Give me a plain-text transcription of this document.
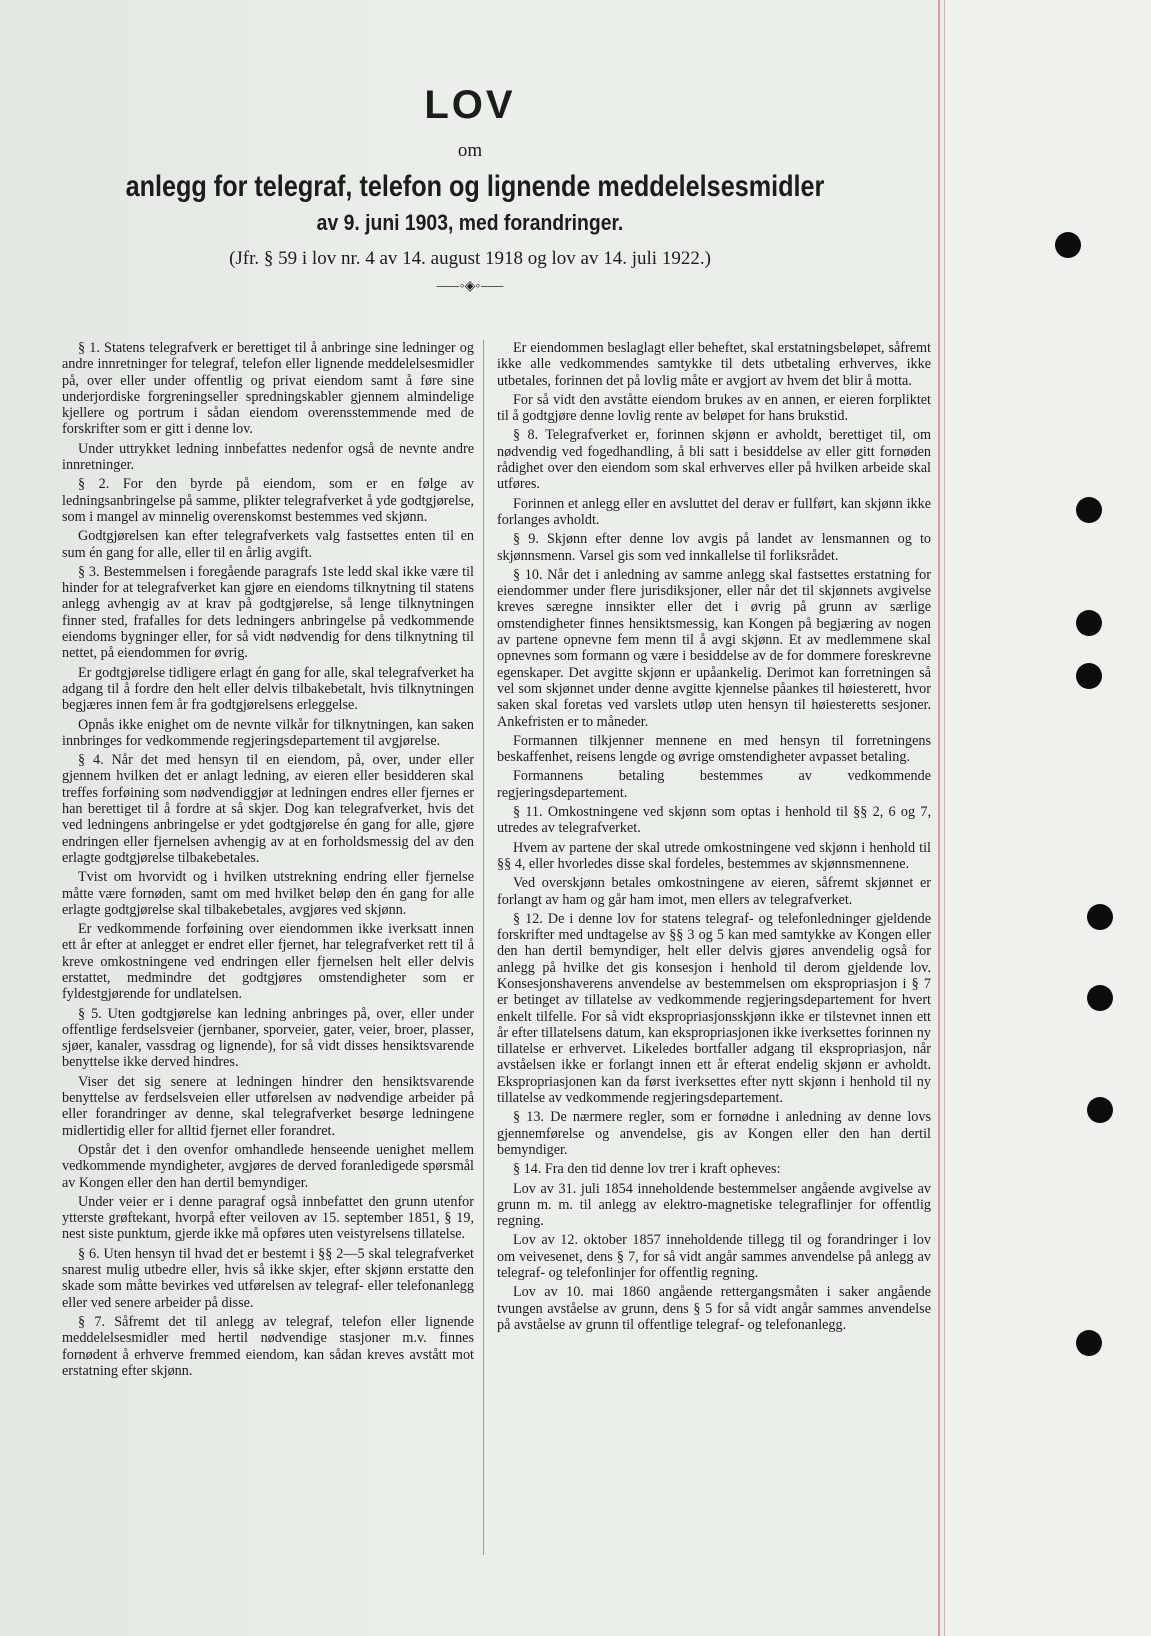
LOV
om
anlegg for telegraf, telefon og lignende meddelelsesmidler
av 9. juni 1903, med forandringer.
(Jfr. § 59 i lov nr. 4 av 14. august 1918 og lov av 14. juli 1922.)
⸺◦◈◦⸺

§ 1. Statens telegrafverk er berettiget til å anbringe sine ledninger og andre innretninger for telegraf, telefon eller lignende meddelelsesmidler på, over eller under offentlig og privat eiendom samt å føre sine underjordiske forgreningseller spredningskabler gjennem almindelige kjellere og portrum i sådan eiendom overensstemmende med de forskrifter som er gitt i denne lov.

Under uttrykket ledning innbefattes nedenfor også de nevnte andre innretninger.

§ 2. For den byrde på eiendom, som er en følge av ledningsanbringelse på samme, plikter telegrafverket å yde godtgjørelse, som i mangel av minnelig overenskomst bestemmes ved skjønn.

Godtgjørelsen kan efter telegrafverkets valg fastsettes enten til en sum én gang for alle, eller til en årlig avgift.

§ 3. Bestemmelsen i foregående paragrafs 1ste ledd skal ikke være til hinder for at telegrafverket kan gjøre en eiendoms tilknytning til statens anlegg avhengig av at krav på godtgjørelse, så lenge tilknytningen finner sted, frafalles for dets ledningers anbringelse på vedkommende eiendoms bygninger eller, for så vidt nødvendig for dens tilknytning til nettet, på eiendommen for øvrig.

Er godtgjørelse tidligere erlagt én gang for alle, skal telegrafverket ha adgang til å fordre den helt eller delvis tilbakebetalt, hvis tilknytningen begjæres innen fem år fra godtgjørelsens erleggelse.

Opnås ikke enighet om de nevnte vilkår for tilknytningen, kan saken innbringes for vedkommende regjeringsdepartement til avgjørelse.

§ 4. Når det med hensyn til en eiendom, på, over, under eller gjennem hvilken det er anlagt ledning, av eieren eller besidderen skal treffes forføining som nødvendiggjør at ledningen endres eller fjernes er han berettiget til å fordre at så skjer. Dog kan telegrafverket, hvis det ved ledningens anbringelse er ydet godtgjørelse én gang for alle, gjøre endringen eller fjernelsen avhengig av at en forholdsmessig del av den erlagte godtgjørelse tilbakebetales.

Tvist om hvorvidt og i hvilken utstrekning endring eller fjernelse måtte være fornøden, samt om med hvilket beløp den én gang for alle erlagte godtgjørelse skal tilbakebetales, avgjøres ved skjønn.

Er vedkommende forføining over eiendommen ikke iverksatt innen ett år efter at anlegget er endret eller fjernet, har telegrafverket rett til å kreve omkostningene ved endringen eller fjernelsen helt eller delvis erstattet, medmindre det godtgjøres omstendigheter som er fyldestgjørende for undlatelsen.

§ 5. Uten godtgjørelse kan ledning anbringes på, over, eller under offentlige ferdselsveier (jernbaner, sporveier, gater, veier, broer, plasser, sjøer, kanaler, vassdrag og lignende), for så vidt disses hensiktsvarende benyttelse ikke derved hindres.

Viser det sig senere at ledningen hindrer den hensiktsvarende benyttelse av ferdselsveien eller utførelsen av nødvendige arbeider på eller forandringer av denne, skal telegrafverket besørge ledningene midlertidig eller for alltid fjernet eller forandret.

Opstår det i den ovenfor omhandlede henseende uenighet mellem vedkommende myndigheter, avgjøres de derved foranledigede spørsmål av Kongen eller den han dertil bemyndiger.

Under veier er i denne paragraf også innbefattet den grunn utenfor ytterste grøftekant, hvorpå efter veiloven av 15. september 1851, § 19, nest siste punktum, gjerde ikke må opføres uten veistyrelsens tillatelse.

§ 6. Uten hensyn til hvad det er bestemt i §§ 2—5 skal telegrafverket snarest mulig utbedre eller, hvis så ikke skjer, efter skjønn erstatte den skade som måtte bevirkes ved utførelsen av telegraf- eller telefonanlegg eller ved senere arbeider på disse.

§ 7. Såfremt det til anlegg av telegraf, telefon eller lignende meddelelsesmidler med hertil nødvendige stasjoner m.v. finnes fornødent å erhverve fremmed eiendom, kan sådan kreves avstått mot erstatning efter skjønn.

Er eiendommen beslaglagt eller beheftet, skal erstatningsbeløpet, såfremt ikke alle vedkommendes samtykke til dets utbetaling erhverves, ikke utbetales, forinnen det på lovlig måte er avgjort av hvem det blir å motta.

For så vidt den avståtte eiendom brukes av en annen, er eieren forpliktet til å godtgjøre denne lovlig rente av beløpet for hans brukstid.

§ 8. Telegrafverket er, forinnen skjønn er avholdt, berettiget til, om nødvendig ved fogedhandling, å bli satt i besiddelse av eller gitt fornøden rådighet over den eiendom som skal erhverves eller på hvilken arbeide skal utføres.

Forinnen et anlegg eller en avsluttet del derav er fullført, kan skjønn ikke forlanges avholdt.

§ 9. Skjønn efter denne lov avgis på landet av lensmannen og to skjønnsmenn. Varsel gis som ved innkallelse til forliksrådet.

§ 10. Når det i anledning av samme anlegg skal fastsettes erstatning for eiendommer under flere jurisdiksjoner, eller når det til skjønnets avgivelse kreves særegne innsikter eller det i øvrig på grunn av særlige omstendigheter finnes hensiktsmessig, kan Kongen på begjæring av nogen av partene opnevne fem menn til å avgi skjønn. Et av medlemmene skal opnevnes som formann og være i besiddelse av de for dommere foreskrevne egenskaper. Det avgitte skjønn er upåankelig. Derimot kan forretningen så vel som skjønnet under denne avgitte kjennelse påankes til høiesterett, hvor saken skal foretas ved varslets utløp uten hensyn til høiesteretts sesjoner. Ankefristen er to måneder.

Formannen tilkjenner mennene en med hensyn til forretningens beskaffenhet, reisens lengde og øvrige omstendigheter avpasset betaling.

Formannens betaling bestemmes av vedkommende regjeringsdepartement.

§ 11. Omkostningene ved skjønn som optas i henhold til §§ 2, 6 og 7, utredes av telegrafverket.

Hvem av partene der skal utrede omkostningene ved skjønn i henhold til §§ 4, eller hvorledes disse skal fordeles, bestemmes av skjønnsmennene.

Ved overskjønn betales omkostningene av eieren, såfremt skjønnet er forlangt av ham og går ham imot, men ellers av telegrafverket.

§ 12. De i denne lov for statens telegraf- og telefonledninger gjeldende forskrifter med undtagelse av §§ 3 og 5 kan med samtykke av Kongen eller den han dertil bemyndiger, helt eller delvis gjøres anvendelig også for anlegg på hvilke det gis konsesjon i henhold til derom gjeldende lov. Konsesjonshaverens anvendelse av bestemmelsen om ekspropriasjon i § 7 er betinget av tillatelse av vedkommende regjeringsdepartement for hvert enkelt tilfelle. For så vidt ekspropriasjonsskjønn ikke er tilstevnet innen ett år efter tillatelsens datum, kan ekspropriasjonen ikke iverksettes forinnen ny tillatelse er erhvervet. Likeledes bortfaller adgang til ekspropriasjon, når avståelsen ikke er forlangt innen ett år efterat endelig skjønn er avholdt. Ekspropriasjonen kan da først iverksettes efter nytt skjønn i henhold til ny tillatelse av vedkommende regjeringsdepartement.

§ 13. De nærmere regler, som er fornødne i anledning av denne lovs gjennemførelse og anvendelse, gis av Kongen eller den han dertil bemyndiger.

§ 14. Fra den tid denne lov trer i kraft opheves:

Lov av 31. juli 1854 inneholdende bestemmelser angående avgivelse av grunn m. m. til anlegg av elektro-magnetiske telegraflinjer for offentlig regning.

Lov av 12. oktober 1857 inneholdende tillegg til og forandringer i lov om veivesenet, dens § 7, for så vidt angår sammes anvendelse på anlegg av telegraf- og telefonlinjer for offentlig regning.

Lov av 10. mai 1860 angående rettergangsmåten i saker angående tvungen avståelse av grunn, dens § 5 for så vidt angår sammes anvendelse på avståelse av grunn til offentlige telegraf- og telefonanlegg.
